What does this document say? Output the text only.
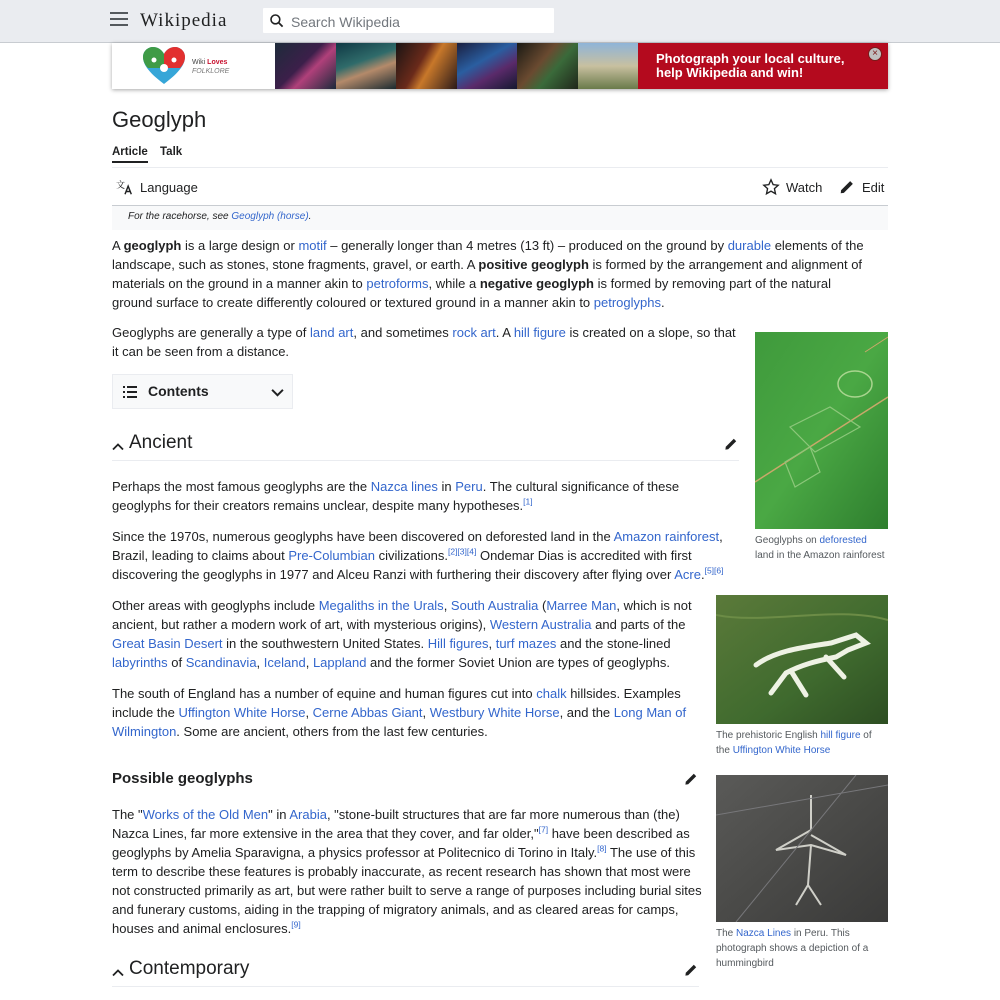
Wikipedia
Search Wikipedia
Wiki Loves
FOLKLORE
Photograph your local culture,
help Wikipedia and win!
×
Geoglyph
Article Talk
文 Language	Watch	Edit
For the racehorse, see Geoglyph (horse).

A geoglyph is a large design or motif – generally longer than 4 metres (13 ft) – produced on the ground by durable elements of the landscape, such as stones, stone fragments, gravel, or earth. A positive geoglyph is formed by the arrangement and alignment of materials on the ground in a manner akin to petroforms, while a negative geoglyph is formed by removing part of the natural ground surface to create differently coloured or textured ground in a manner akin to petroglyphs.

Geoglyphs are generally a type of land art, and sometimes rock art. A hill figure is created on a slope, so that it can be seen from a distance.

Contents
Ancient

Perhaps the most famous geoglyphs are the Nazca lines in Peru. The cultural significance of these geoglyphs for their creators remains unclear, despite many hypotheses.[1]

Since the 1970s, numerous geoglyphs have been discovered on deforested land in the Amazon rainforest, Brazil, leading to claims about Pre-Columbian civilizations.[2][3][4] Ondemar Dias is accredited with first discovering the geoglyphs in 1977 and Alceu Ranzi with furthering their discovery after flying over Acre.[5][6]

Other areas with geoglyphs include Megaliths in the Urals, South Australia (Marree Man, which is not ancient, but rather a modern work of art, with mysterious origins), Western Australia and parts of the Great Basin Desert in the southwestern United States. Hill figures, turf mazes and the stone-lined labyrinths of Scandinavia, Iceland, Lappland and the former Soviet Union are types of geoglyphs.

The south of England has a number of equine and human figures cut into chalk hillsides. Examples include the Uffington White Horse, Cerne Abbas Giant, Westbury White Horse, and the Long Man of Wilmington. Some are ancient, others from the last few centuries.

Possible geoglyphs

The "Works of the Old Men" in Arabia, "stone-built structures that are far more numerous than (the) Nazca Lines, far more extensive in the area that they cover, and far older,"[7] have been described as geoglyphs by Amelia Sparavigna, a physics professor at Politecnico di Torino in Italy.[8] The use of this term to describe these features is probably inaccurate, as recent research has shown that most were not constructed primarily as art, but were rather built to serve a range of purposes including burial sites and funerary customs, aiding in the trapping of migratory animals, and as cleared areas for camps, houses and animal enclosures.[9]

Contemporary

Geoglyphs on deforested land in the Amazon rainforest

The prehistoric English hill figure of the Uffington White Horse

The Nazca Lines in Peru. This photograph shows a depiction of a hummingbird
